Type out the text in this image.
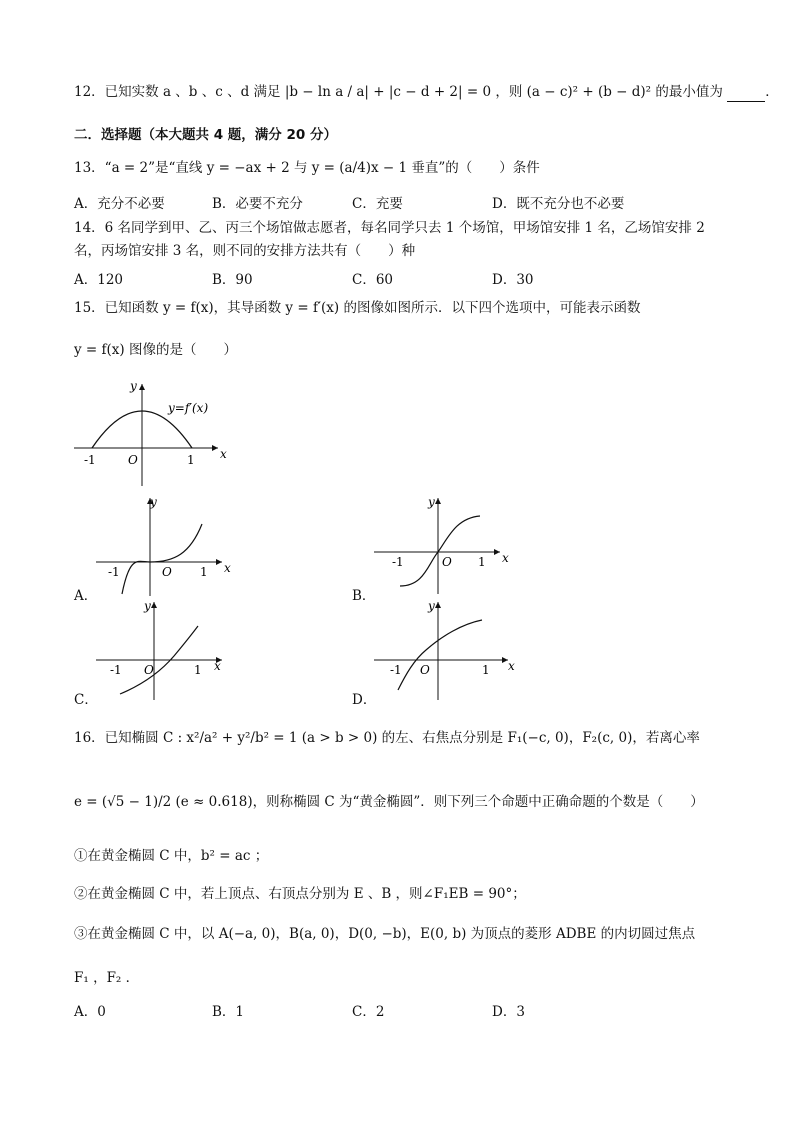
12．已知实数 a 、b 、c 、d 满足 |b − ln a / a| + |c − d + 2| = 0 ，则 (a − c)² + (b − d)² 的最小值为	．
二．选择题（本大题共 4 题，满分 20 分）
13．“a = 2”是“直线 y = −ax + 2 与 y = (a/4)x − 1 垂直”的（　　）条件
A．充分不必要	B．必要不充分	C．充要	D．既不充分也不必要
14．6 名同学到甲、乙、丙三个场馆做志愿者，每名同学只去 1 个场馆，甲场馆安排 1 名，乙场馆安排 2
名，丙场馆安排 3 名，则不同的安排方法共有（　　）种
A．120	B．90	C．60	D．30
15．已知函数 y = f(x)，其导函数 y = f′(x) 的图像如图所示．以下四个选项中，可能表示函数
y = f(x) 图像的是（　　）
y=f′(x)
x
y
O
-1	1
A．
x
y
O
-1	1
B．
x
y
O
-1	1
C．
x
y
O
-1	1
D．
x
y
O
-1	1
16．已知椭圆 C : x²/a² + y²/b² = 1 (a > b > 0) 的左、右焦点分别是 F₁(−c, 0)，F₂(c, 0)，若离心率
e = (√5 − 1)/2 (e ≈ 0.618)，则称椭圆 C 为“黄金椭圆”．则下列三个命题中正确命题的个数是（　　）
①在黄金椭圆 C 中，b² = ac ；
②在黄金椭圆 C 中，若上顶点、右顶点分别为 E 、B ，则∠F₁EB = 90°；
③在黄金椭圆 C 中，以 A(−a, 0)，B(a, 0)，D(0, −b)，E(0, b) 为顶点的菱形 ADBE 的内切圆过焦点
F₁ ，F₂ ．
A．0	B．1	C．2	D．3
